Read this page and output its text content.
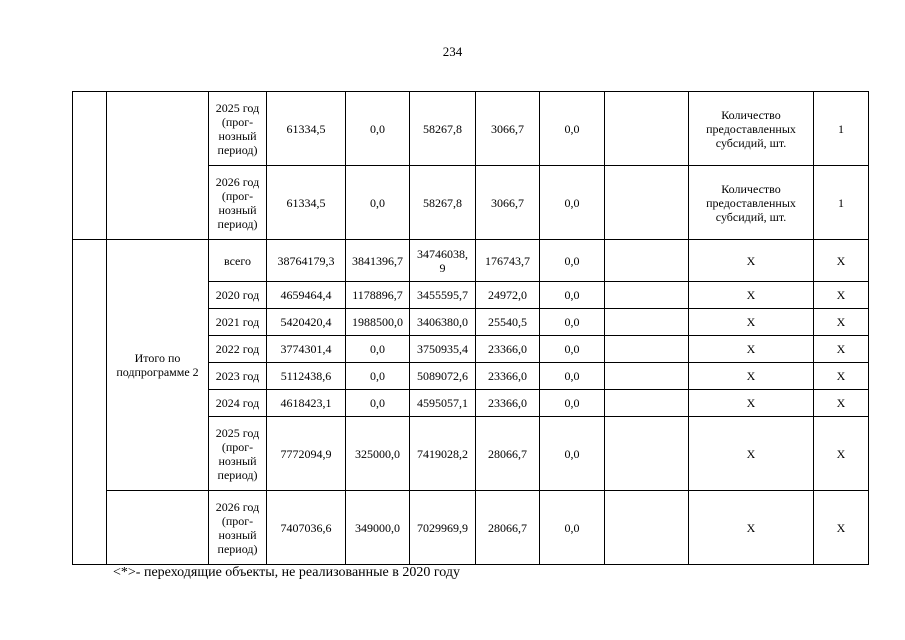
234
		2025 год (прог-
нозный
период)	61334,5	0,0	58267,8	3066,7	0,0		Количество предоставленных субсидий, шт.	1
		2026 год (прог-
нозный
период)	61334,5	0,0	58267,8	3066,7	0,0		Количество предоставленных субсидий, шт.	1
	Итого по подпрограмме 2	всего	38764179,3	3841396,7	34746038,
9	176743,7	0,0		Х	Х
		2020 год	4659464,4	1178896,7	3455595,7	24972,0	0,0		Х	Х
		2021 год	5420420,4	1988500,0	3406380,0	25540,5	0,0		Х	Х
		2022 год	3774301,4	0,0	3750935,4	23366,0	0,0		Х	Х
		2023 год	5112438,6	0,0	5089072,6	23366,0	0,0		Х	Х
		2024 год	4618423,1	0,0	4595057,1	23366,0	0,0		Х	Х
		2025 год (прог-
нозный
период)	7772094,9	325000,0	7419028,2	28066,7	0,0		Х	Х
		2026 год (прог-
нозный
период)	7407036,6	349000,0	7029969,9	28066,7	0,0		Х	Х
<*>- переходящие объекты, не реализованные в 2020 году
